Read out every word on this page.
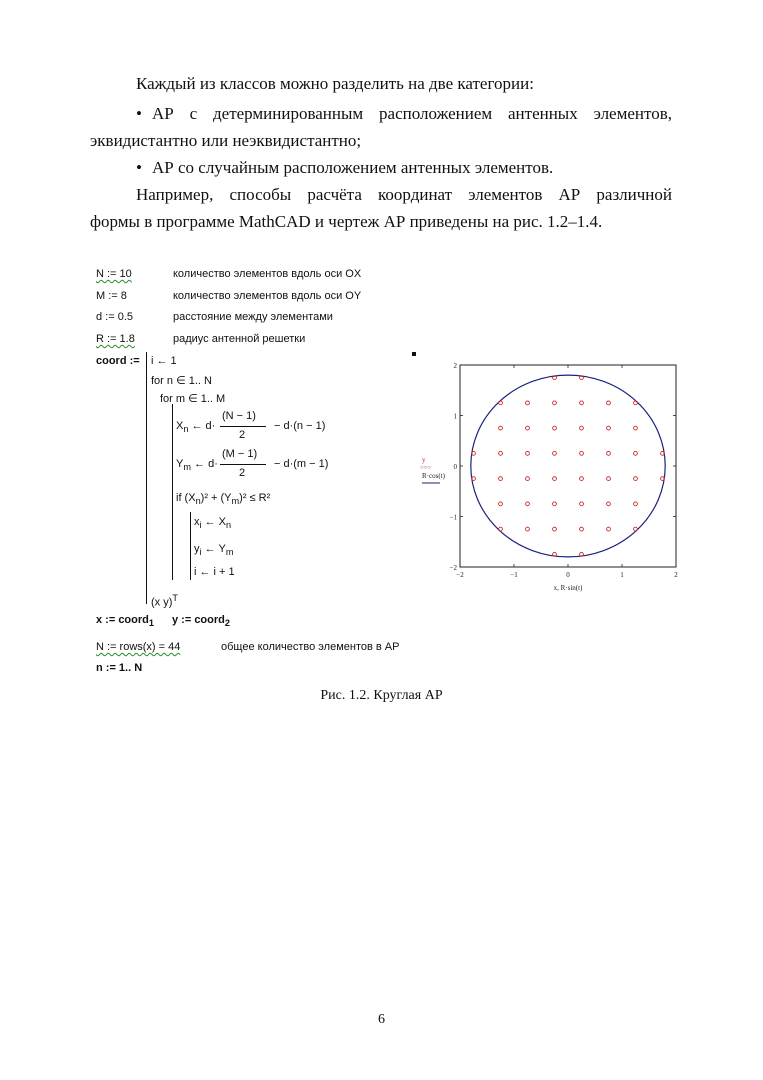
Каждый из классов можно разделить на две категории:

• АР с детерминированным расположением антенных элементов,

эквидистантно или неэквидистантно;

• АР со случайным расположением антенных элементов.

Например, способы расчёта координат элементов АР различной

формы в программе MathCAD и чертеж АР приведены на рис. 1.2–1.4.

N := 10	количество элементов вдоль оси OX
M := 8	количество элементов вдоль оси OY
d := 0.5	расстояние между элементами
R := 1.8	радиус антенной решетки
coord := i ← 1
for n ∈ 1.. N
for m ∈ 1.. M
$X_n$ ← d·
(N − 1)
2
− d·(n − 1)
$Y_m$ ← d·
(M − 1)
2
− d·(m − 1)
if $(X_n)^2 + (Y_m)^2 \le R^2$
$x_i$ ← $X_n$
$y_i$ ← $Y_m$
i ← i + 1
(x y)$^T$
x := coord$_1$ y := coord$_2$
N := rows(x) = 44	общее количество элементов в АР
n := 1.. N
−2	−1	0	1	2
2
1
0
−1
−2
x, R·sin(t)
y
○○○
R·cos(t)
Рис. 1.2. Круглая АР
6
